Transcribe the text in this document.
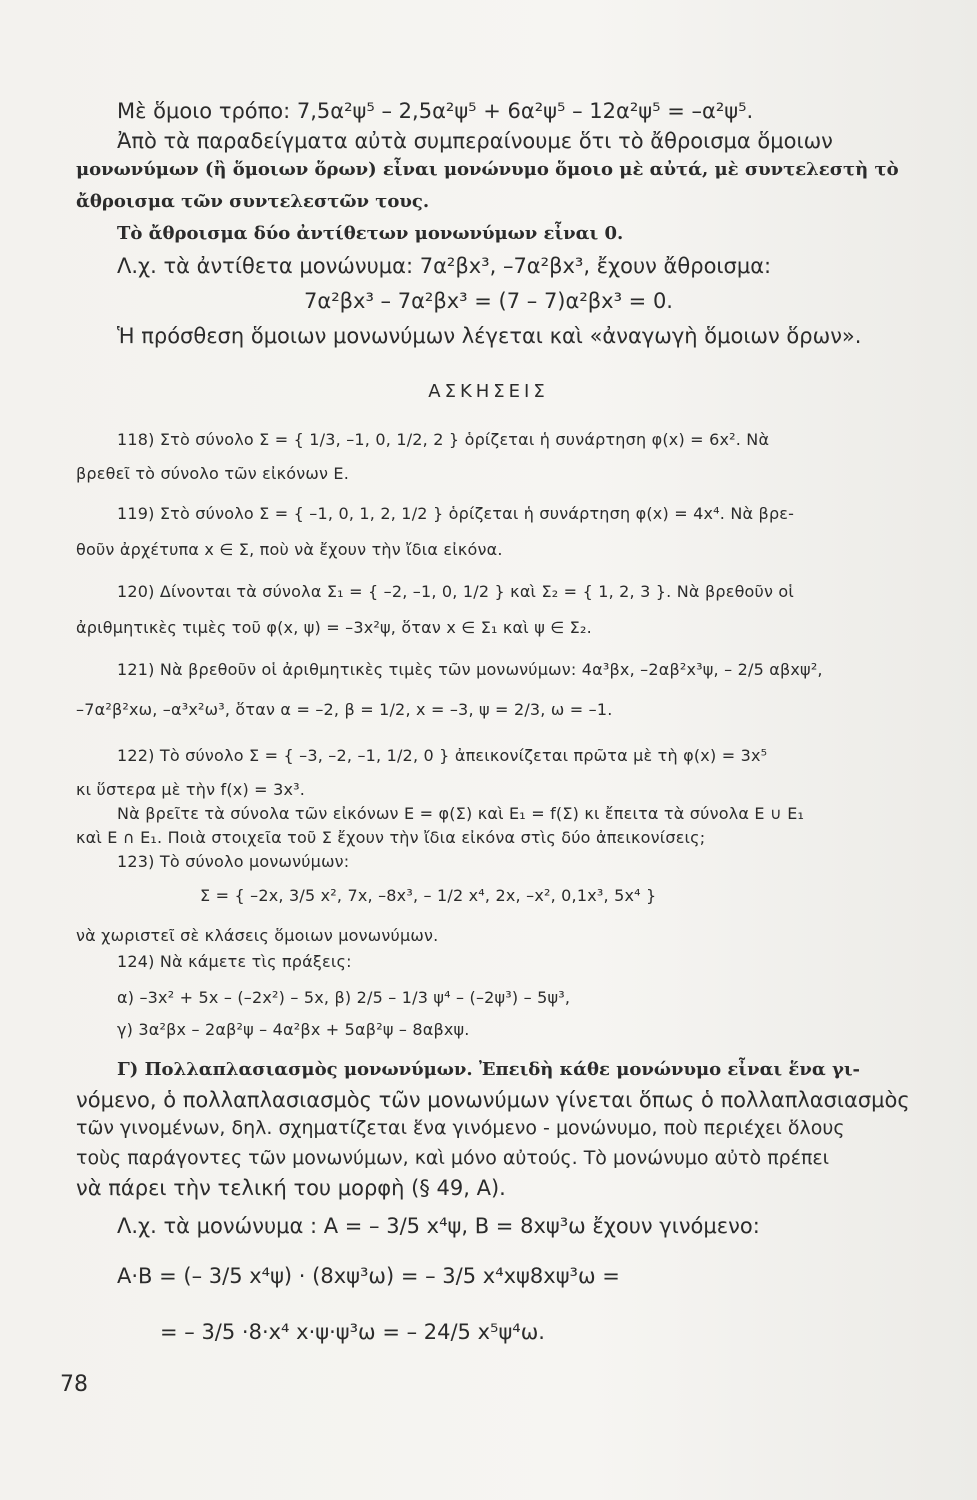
Μὲ ὅμοιο τρόπο: 7,5α²ψ⁵ – 2,5α²ψ⁵ + 6α²ψ⁵ – 12α²ψ⁵ = –α²ψ⁵.
Ἀπὸ τὰ παραδείγματα αὐτὰ συμπεραίνουμε ὅτι τὸ ἄθροισμα ὅμοιων
μονωνύμων (ἢ ὅμοιων ὅρων) εἶναι μονώνυμο ὅμοιο μὲ αὐτά, μὲ συντελεστὴ τὸ
ἄθροισμα τῶν συντελεστῶν τους.
Τὸ ἄθροισμα δύο ἀντίθετων μονωνύμων εἶναι 0.
Λ.χ. τὰ ἀντίθετα μονώνυμα: 7α²βx³, –7α²βx³, ἔχουν ἄθροισμα:
7α²βx³ – 7α²βx³ = (7 – 7)α²βx³ = 0.
Ἡ πρόσθεση ὅμοιων μονωνύμων λέγεται καὶ «ἀναγωγὴ ὅμοιων ὅρων».
ΑΣΚΗΣΕΙΣ
118) Στὸ σύνολο Σ = { 1/3, –1, 0, 1/2, 2 } ὁρίζεται ἡ συνάρτηση φ(x) = 6x². Νὰ
βρεθεῖ τὸ σύνολο τῶν εἰκόνων Ε.
119) Στὸ σύνολο Σ = { –1, 0, 1, 2, 1/2 } ὁρίζεται ἡ συνάρτηση φ(x) = 4x⁴. Νὰ βρε-
θοῦν ἀρχέτυπα x ∈ Σ, ποὺ νὰ ἔχουν τὴν ἴδια εἰκόνα.
120) Δίνονται τὰ σύνολα Σ₁ = { –2, –1, 0, 1/2 } καὶ Σ₂ = { 1, 2, 3 }. Νὰ βρεθοῦν οἱ
ἀριθμητικὲς τιμὲς τοῦ φ(x, ψ) = –3x²ψ, ὅταν x ∈ Σ₁ καὶ ψ ∈ Σ₂.
121) Νὰ βρεθοῦν οἱ ἀριθμητικὲς τιμὲς τῶν μονωνύμων: 4α³βx, –2αβ²x³ψ, – 2/5 αβxψ²,
–7α²β²xω, –α³x²ω³, ὅταν α = –2, β = 1/2, x = –3, ψ = 2/3, ω = –1.
122) Τὸ σύνολο Σ = { –3, –2, –1, 1/2, 0 } ἀπεικονίζεται πρῶτα μὲ τὴ φ(x) = 3x⁵
κι ὕστερα μὲ τὴν f(x) = 3x³.
Νὰ βρεῖτε τὰ σύνολα τῶν εἰκόνων Ε = φ(Σ) καὶ Ε₁ = f(Σ) κι ἔπειτα τὰ σύνολα Ε ∪ Ε₁
καὶ Ε ∩ Ε₁. Ποιὰ στοιχεῖα τοῦ Σ ἔχουν τὴν ἴδια εἰκόνα στὶς δύο ἀπεικονίσεις;
123) Τὸ σύνολο μονωνύμων:
Σ = { –2x, 3/5 x², 7x, –8x³, – 1/2 x⁴, 2x, –x², 0,1x³, 5x⁴ }
νὰ χωριστεῖ σὲ κλάσεις ὅμοιων μονωνύμων.
124) Νὰ κάμετε τὶς πράξεις:
α) –3x² + 5x – (–2x²) – 5x, β) 2/5 – 1/3 ψ⁴ – (–2ψ³) – 5ψ³,
γ) 3α²βx – 2αβ²ψ – 4α²βx + 5αβ²ψ – 8αβxψ.
Γ) Πολλαπλασιασμὸς μονωνύμων. Ἐπειδὴ κάθε μονώνυμο εἶναι ἕνα γι-
νόμενο, ὁ πολλαπλασιασμὸς τῶν μονωνύμων γίνεται ὅπως ὁ πολλαπλασιασμὸς
τῶν γινομένων, δηλ. σχηματίζεται ἕνα γινόμενο - μονώνυμο, ποὺ περιέχει ὅλους
τοὺς παράγοντες τῶν μονωνύμων, καὶ μόνο αὐτούς. Τὸ μονώνυμο αὐτὸ πρέπει
νὰ πάρει τὴν τελική του μορφὴ (§ 49, Α).
Λ.χ. τὰ μονώνυμα : Α = – 3/5 x⁴ψ, Β = 8xψ³ω ἔχουν γινόμενο:
Α·Β = (– 3/5 x⁴ψ) · (8xψ³ω) = – 3/5 x⁴xψ8xψ³ω =
= – 3/5 ·8·x⁴ x·ψ·ψ³ω = – 24/5 x⁵ψ⁴ω.
78
